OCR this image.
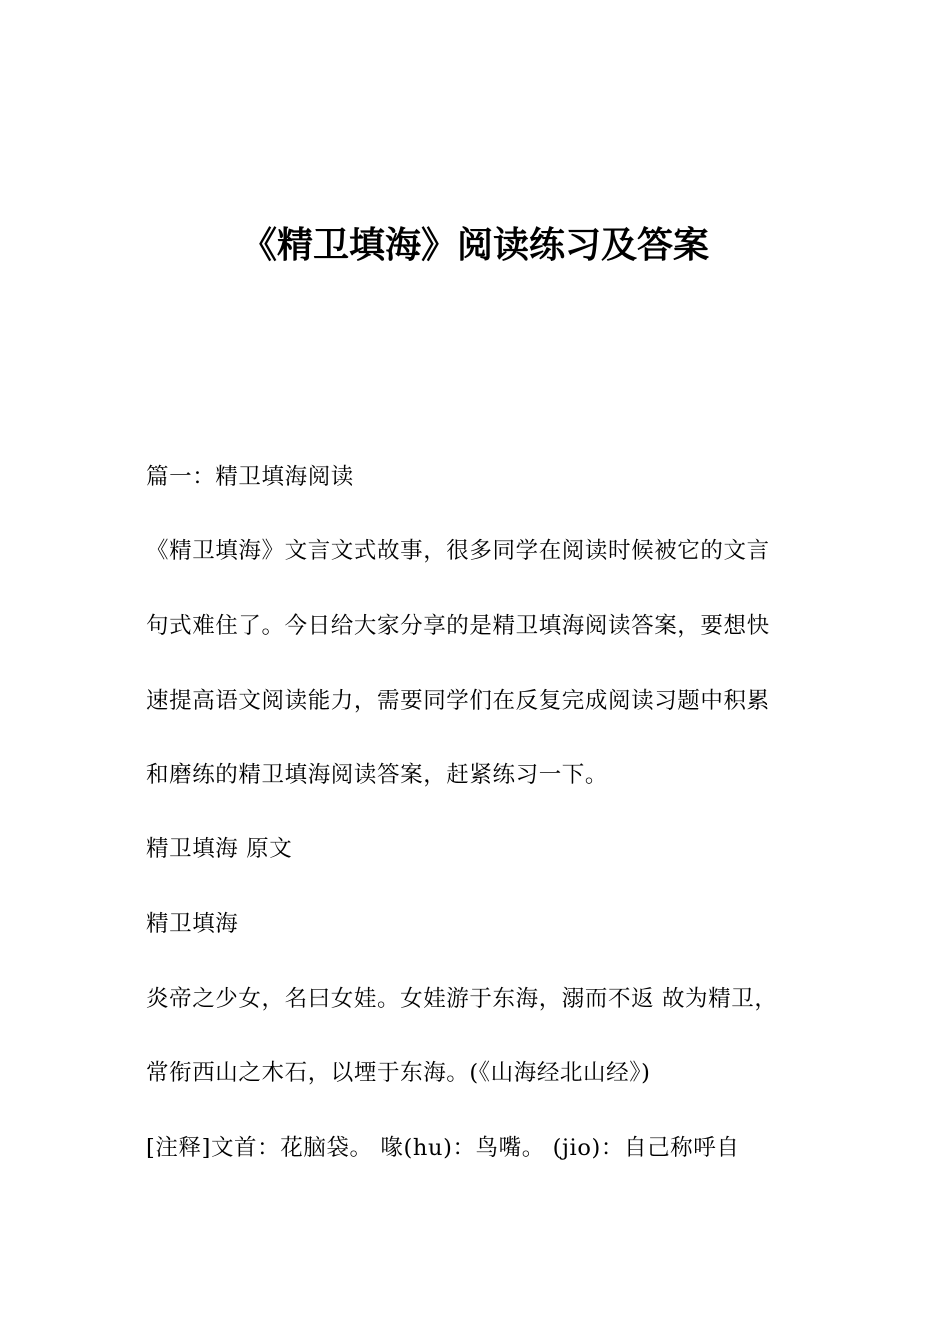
《精卫填海》阅读练习及答案

篇一：精卫填海阅读

《精卫填海》文言文式故事，很多同学在阅读时候被它的文言

句式难住了。今日给大家分享的是精卫填海阅读答案，要想快

速提高语文阅读能力，需要同学们在反复完成阅读习题中积累

和磨练的精卫填海阅读答案，赶紧练习一下。

精卫填海 原文

精卫填海

炎帝之少女，名曰女娃。女娃游于东海，溺而不返 故为精卫，

常衔西山之木石，以堙于东海。(《山海经北山经》)

[注释]文首：花脑袋。 喙(hu)：鸟嘴。 (jio)：自己称呼自
